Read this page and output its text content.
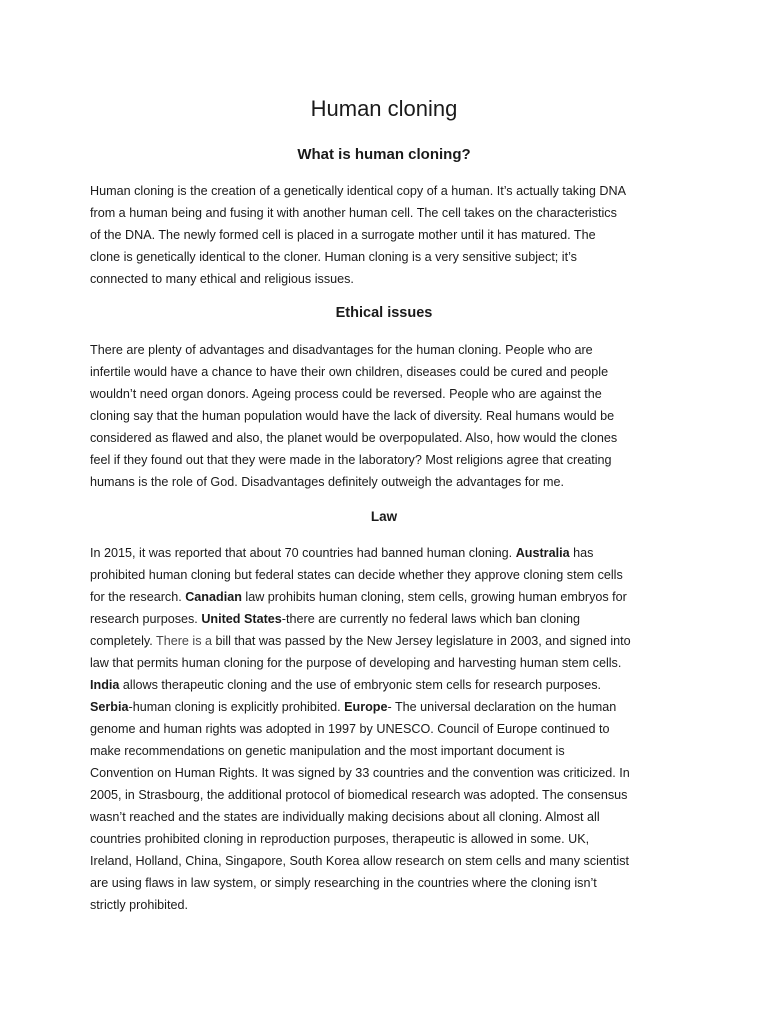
Human cloning
What is human cloning?
Human cloning is the creation of a genetically identical copy of a human. It’s actually taking DNA
from a human being and fusing it with another human cell. The cell takes on the characteristics
of the DNA. The newly formed cell is placed in a surrogate mother until it has matured. The
clone is genetically identical to the cloner. Human cloning is a very sensitive subject; it’s
connected to many ethical and religious issues.
Ethical issues
There are plenty of advantages and disadvantages for the human cloning. People who are
infertile would have a chance to have their own children, diseases could be cured and people
wouldn’t need organ donors. Ageing process could be reversed. People who are against the
cloning say that the human population would have the lack of diversity. Real humans would be
considered as flawed and also, the planet would be overpopulated. Also, how would the clones
feel if they found out that they were made in the laboratory? Most religions agree that creating
humans is the role of God. Disadvantages definitely outweigh the advantages for me.
Law
In 2015, it was reported that about 70 countries had banned human cloning. Australia has
prohibited human cloning but federal states can decide whether they approve cloning stem cells
for the research. Canadian law prohibits human cloning, stem cells, growing human embryos for
research purposes. United States-there are currently no federal laws which ban cloning
completely. There is a bill that was passed by the New Jersey legislature in 2003, and signed into
law that permits human cloning for the purpose of developing and harvesting human stem cells.
India allows therapeutic cloning and the use of embryonic stem cells for research purposes.
Serbia-human cloning is explicitly prohibited. Europe- The universal declaration on the human
genome and human rights was adopted in 1997 by UNESCO. Council of Europe continued to
make recommendations on genetic manipulation and the most important document is
Convention on Human Rights. It was signed by 33 countries and the convention was criticized. In
2005, in Strasbourg, the additional protocol of biomedical research was adopted. The consensus
wasn’t reached and the states are individually making decisions about all cloning. Almost all
countries prohibited cloning in reproduction purposes, therapeutic is allowed in some. UK,
Ireland, Holland, China, Singapore, South Korea allow research on stem cells and many scientist
are using flaws in law system, or simply researching in the countries where the cloning isn’t
strictly prohibited.
